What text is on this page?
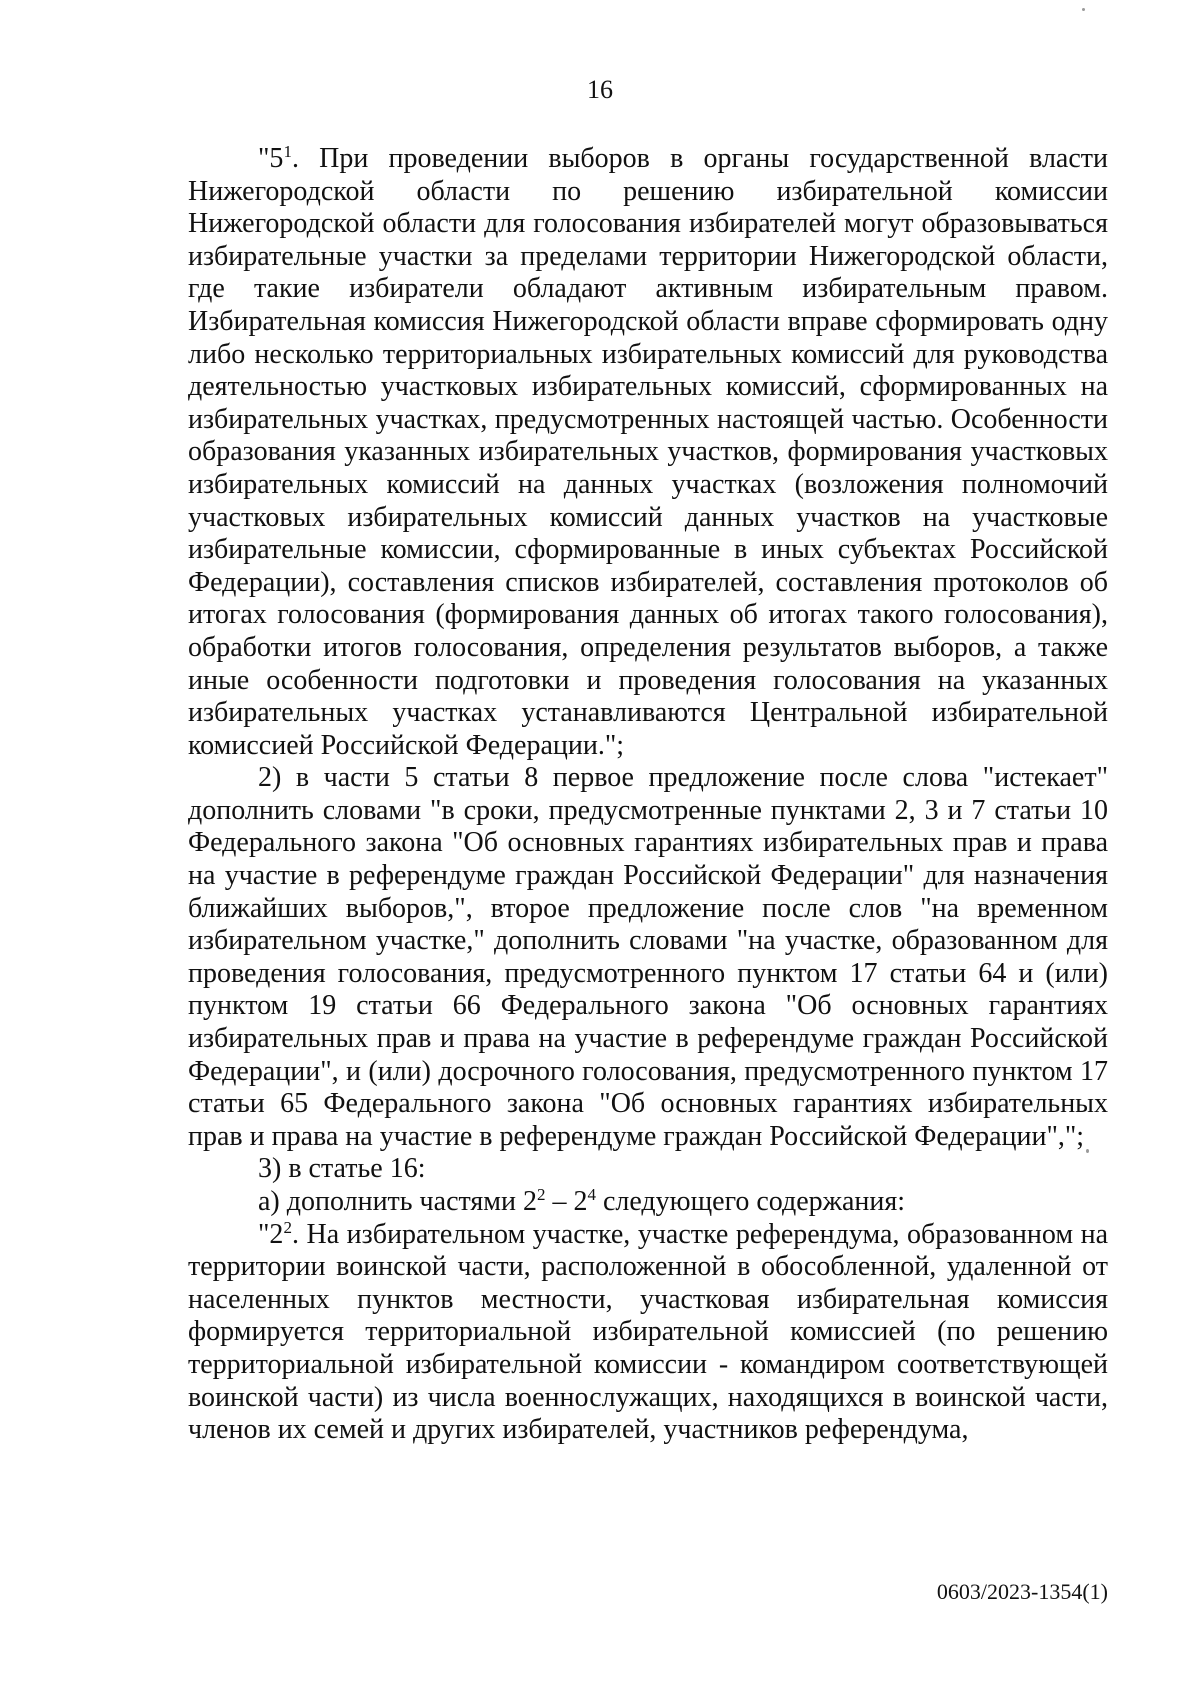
16

"$5^1$. При проведении выборов в органы государственной власти Нижегородской области по решению избирательной комиссии Нижегородской области для голосования избирателей могут образовываться избирательные участки за пределами территории Нижегородской области, где такие избиратели обладают активным избирательным правом. Избирательная комиссия Нижегородской области вправе сформировать одну либо несколько территориальных избирательных комиссий для руководства деятельностью участковых избирательных комиссий, сформированных на избирательных участках, предусмотренных настоящей частью. Особенности образования указанных избирательных участков, формирования участковых избирательных комиссий на данных участках (возложения полномочий участковых избирательных комиссий данных участков на участковые избирательные комиссии, сформированные в иных субъектах Российской Федерации), составления списков избирателей, составления протоколов об итогах голосования (формирования данных об итогах такого голосования), обработки итогов голосования, определения результатов выборов, а также иные особенности подготовки и проведения голосования на указанных избирательных участках устанавливаются Центральной избирательной комиссией Российской Федерации.";

2) в части 5 статьи 8 первое предложение после слова "истекает" дополнить словами "в сроки, предусмотренные пунктами 2, 3 и 7 статьи 10 Федерального закона "Об основных гарантиях избирательных прав и права на участие в референдуме граждан Российской Федерации" для назначения ближайших выборов,", второе предложение после слов "на временном избирательном участке," дополнить словами "на участке, образованном для проведения голосования, предусмотренного пунктом 17 статьи 64 и (или) пунктом 19 статьи 66 Федерального закона "Об основных гарантиях избирательных прав и права на участие в референдуме граждан Российской Федерации", и (или) досрочного голосования, предусмотренного пунктом 17 статьи 65 Федерального закона "Об основных гарантиях избирательных прав и права на участие в референдуме граждан Российской Федерации",";

3) в статье 16:

а) дополнить частями $2^2 - 2^4$ следующего содержания:

"$2^2$. На избирательном участке, участке референдума, образованном на территории воинской части, расположенной в обособленной, удаленной от населенных пунктов местности, участковая избирательная комиссия формируется территориальной избирательной комиссией (по решению территориальной избирательной комиссии - командиром соответствующей воинской части) из числа военнослужащих, находящихся в воинской части, членов их семей и других избирателей, участников референдума,

0603/2023-1354(1)
